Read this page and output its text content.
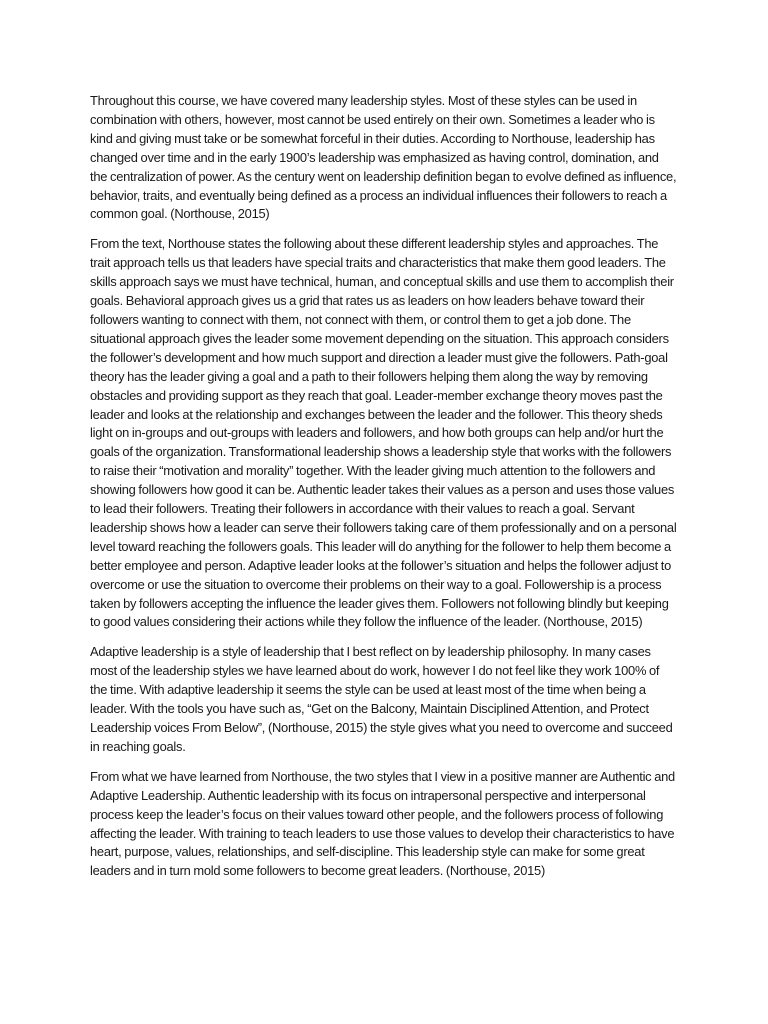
Throughout this course, we have covered many leadership styles. Most of these styles can be used in combination with others, however, most cannot be used entirely on their own. Sometimes a leader who is kind and giving must take or be somewhat forceful in their duties. According to Northouse, leadership has changed over time and in the early 1900’s leadership was emphasized as having control, domination, and the centralization of power. As the century went on leadership definition began to evolve defined as influence, behavior, traits, and eventually being defined as a process an individual influences their followers to reach a common goal. (Northouse, 2015)

From the text, Northouse states the following about these different leadership styles and approaches. The trait approach tells us that leaders have special traits and characteristics that make them good leaders. The skills approach says we must have technical, human, and conceptual skills and use them to accomplish their goals. Behavioral approach gives us a grid that rates us as leaders on how leaders behave toward their followers wanting to connect with them, not connect with them, or control them to get a job done. The situational approach gives the leader some movement depending on the situation. This approach considers the follower’s development and how much support and direction a leader must give the followers. Path-goal theory has the leader giving a goal and a path to their followers helping them along the way by removing obstacles and providing support as they reach that goal. Leader-member exchange theory moves past the leader and looks at the relationship and exchanges between the leader and the follower. This theory sheds light on in-groups and out-groups with leaders and followers, and how both groups can help and/or hurt the goals of the organization. Transformational leadership shows a leadership style that works with the followers to raise their “motivation and morality” together. With the leader giving much attention to the followers and showing followers how good it can be. Authentic leader takes their values as a person and uses those values to lead their followers. Treating their followers in accordance with their values to reach a goal. Servant leadership shows how a leader can serve their followers taking care of them professionally and on a personal level toward reaching the followers goals. This leader will do anything for the follower to help them become a better employee and person. Adaptive leader looks at the follower’s situation and helps the follower adjust to overcome or use the situation to overcome their problems on their way to a goal. Followership is a process taken by followers accepting the influence the leader gives them. Followers not following blindly but keeping to good values considering their actions while they follow the influence of the leader. (Northouse, 2015)

Adaptive leadership is a style of leadership that I best reflect on by leadership philosophy. In many cases most of the leadership styles we have learned about do work, however I do not feel like they work 100% of the time. With adaptive leadership it seems the style can be used at least most of the time when being a leader. With the tools you have such as, “Get on the Balcony, Maintain Disciplined Attention, and Protect Leadership voices From Below”, (Northouse, 2015) the style gives what you need to overcome and succeed in reaching goals.

From what we have learned from Northouse, the two styles that I view in a positive manner are Authentic and Adaptive Leadership. Authentic leadership with its focus on intrapersonal perspective and interpersonal process keep the leader’s focus on their values toward other people, and the followers process of following affecting the leader. With training to teach leaders to use those values to develop their characteristics to have heart, purpose, values, relationships, and self-discipline. This leadership style can make for some great leaders and in turn mold some followers to become great leaders. (Northouse, 2015)
